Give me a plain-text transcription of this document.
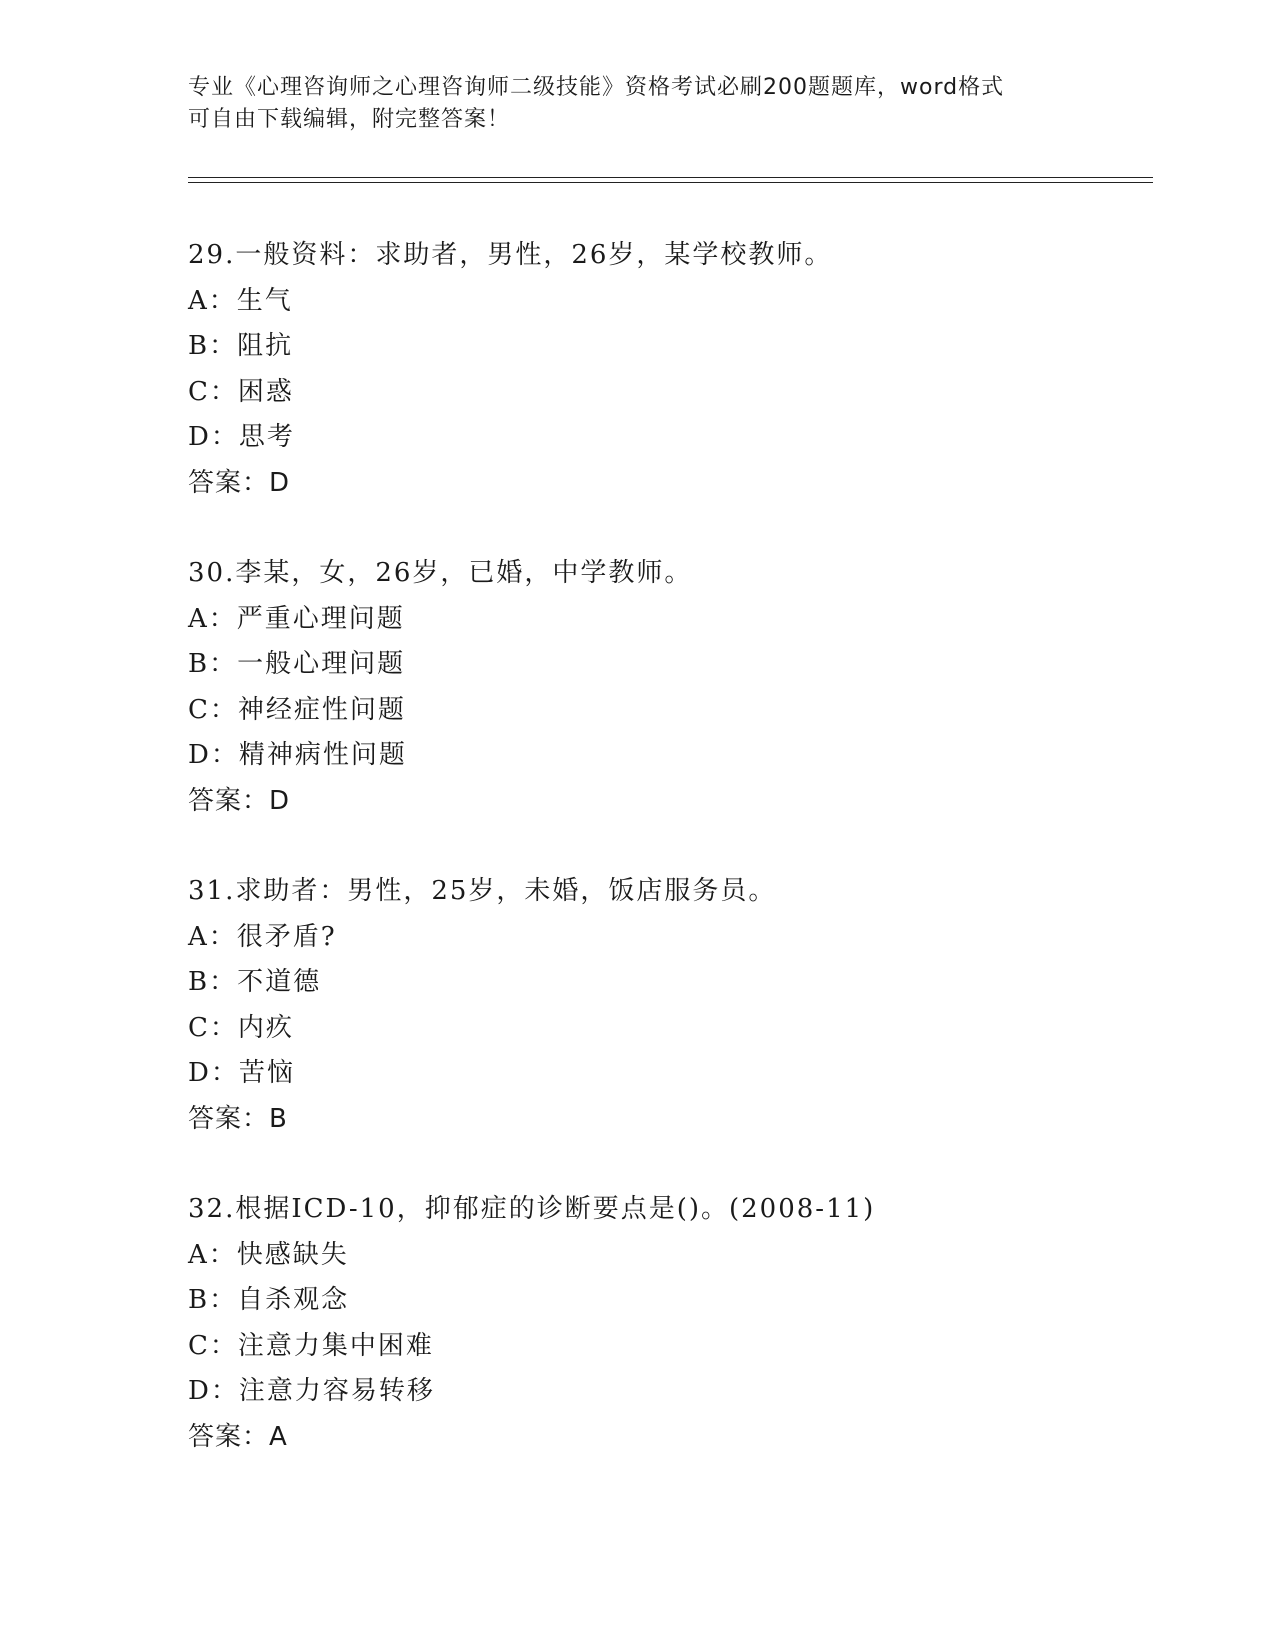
专业《心理咨询师之心理咨询师二级技能》资格考试必刷200题题库，word格式
可自由下载编辑，附完整答案！
29.一般资料：求助者，男性，26岁，某学校教师。
A：生气
B：阻抗
C：困惑
D：思考
答案：D
30.李某，女，26岁，已婚，中学教师。
A：严重心理问题
B：一般心理问题
C：神经症性问题
D：精神病性问题
答案：D
31.求助者：男性，25岁，未婚，饭店服务员。
A：很矛盾?
B：不道德
C：内疚
D：苦恼
答案：B
32.根据ICD-10，抑郁症的诊断要点是()。(2008-11)
A：快感缺失
B：自杀观念
C：注意力集中困难
D：注意力容易转移
答案：A
